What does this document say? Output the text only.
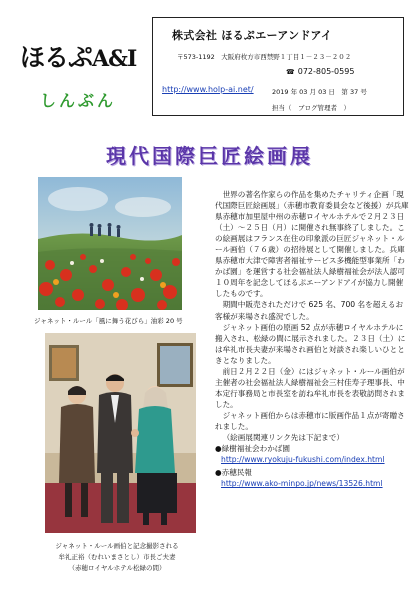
ほるぷA&I
しんぶん
株式会社 ほるぷエーアンドアイ
〒573-1192　大阪府枚方市西禁野１丁目１－２３－２０２
☎ 072-805-0595
http://www.holp-ai.net/	2019 年 03 月 03 日　第 37 号
担当（　ブログ管理者　）
現代国際巨匠絵画展
ジャネット・ルール「風に舞う花びら」油彩 20 号
ジャネット・ルール画伯と記念撮影される
牟礼正裕（むれいまさとし）市長ご夫妻
（赤穂ロイヤルホテル松緑の間）

世界の著名作家らの作品を集めたチャリティ企画「現代国際巨匠絵画展」（赤穂市教育委員会など後援）が兵庫県赤穂市加里屋中州の赤穂ロイヤルホテルで２月２３日（土）～２５日（月）に開催され無事終了しました。この絵画展はフランス在住の印象派の巨匠ジャネット・ルール画伯（７６歳）の招待展として開催しました。兵庫県赤穂市大津で障害者福祉サービス多機能型事業所「わかば園」を運営する社会福祉法人緑樹福祉会が法人認可１０周年を記念してほるぷエーアンドアイが協力し開催したものです。

期間中販売されただけで 625 名、700 名を超えるお客様が来場され盛況でした。

ジャネット画伯の原画 52 点が赤穂ロイヤルホテルに搬入され、松緑の間に展示されました。２３日（土）には牟礼市長夫妻が来場され画伯と対談され楽しいひとときとなりました。

前日２月２２日（金）にはジャネット・ルール画伯が主催者の社会福祉法人緑樹福祉会三村佳寿子理事長、中本定行事務局と市長室を訪ね牟礼市長を表敬訪問されました。

ジャネット画伯からは赤穂市に版画作品１点が寄贈されました。

（絵画展関連リンク先は下記まで）

●緑樹福祉会わかば園

http://www.ryokuju-fukushi.com/index.html

●赤穂民報

http://www.ako-minpo.jp/news/13526.html
